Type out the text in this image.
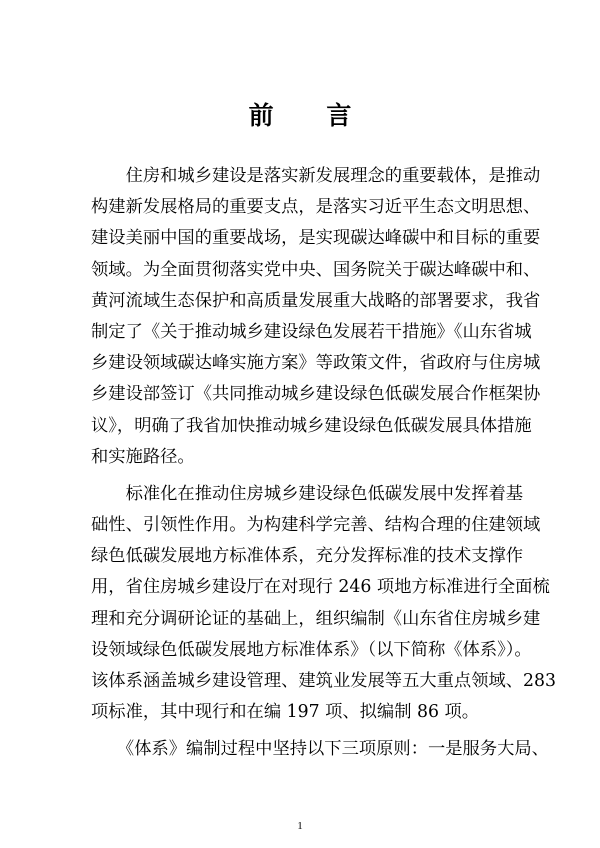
前 言

　　住房和城乡建设是落实新发展理念的重要载体，是推动
构建新发展格局的重要支点，是落实习近平生态文明思想、
建设美丽中国的重要战场，是实现碳达峰碳中和目标的重要
领域。为全面贯彻落实党中央、国务院关于碳达峰碳中和、
黄河流域生态保护和高质量发展重大战略的部署要求，我省
制定了《关于推动城乡建设绿色发展若干措施》《山东省城
乡建设领域碳达峰实施方案》等政策文件，省政府与住房城
乡建设部签订《共同推动城乡建设绿色低碳发展合作框架协
议》，明确了我省加快推动城乡建设绿色低碳发展具体措施
和实施路径。

　　标准化在推动住房城乡建设绿色低碳发展中发挥着基
础性、引领性作用。为构建科学完善、结构合理的住建领域
绿色低碳发展地方标准体系，充分发挥标准的技术支撑作
用，省住房城乡建设厅在对现行 246 项地方标准进行全面梳
理和充分调研论证的基础上，组织编制《山东省住房城乡建
设领域绿色低碳发展地方标准体系》（以下简称《体系》）。
该体系涵盖城乡建设管理、建筑业发展等五大重点领域、283
项标准，其中现行和在编 197 项、拟编制 86 项。

　　《体系》编制过程中坚持以下三项原则：一是服务大局、

1
